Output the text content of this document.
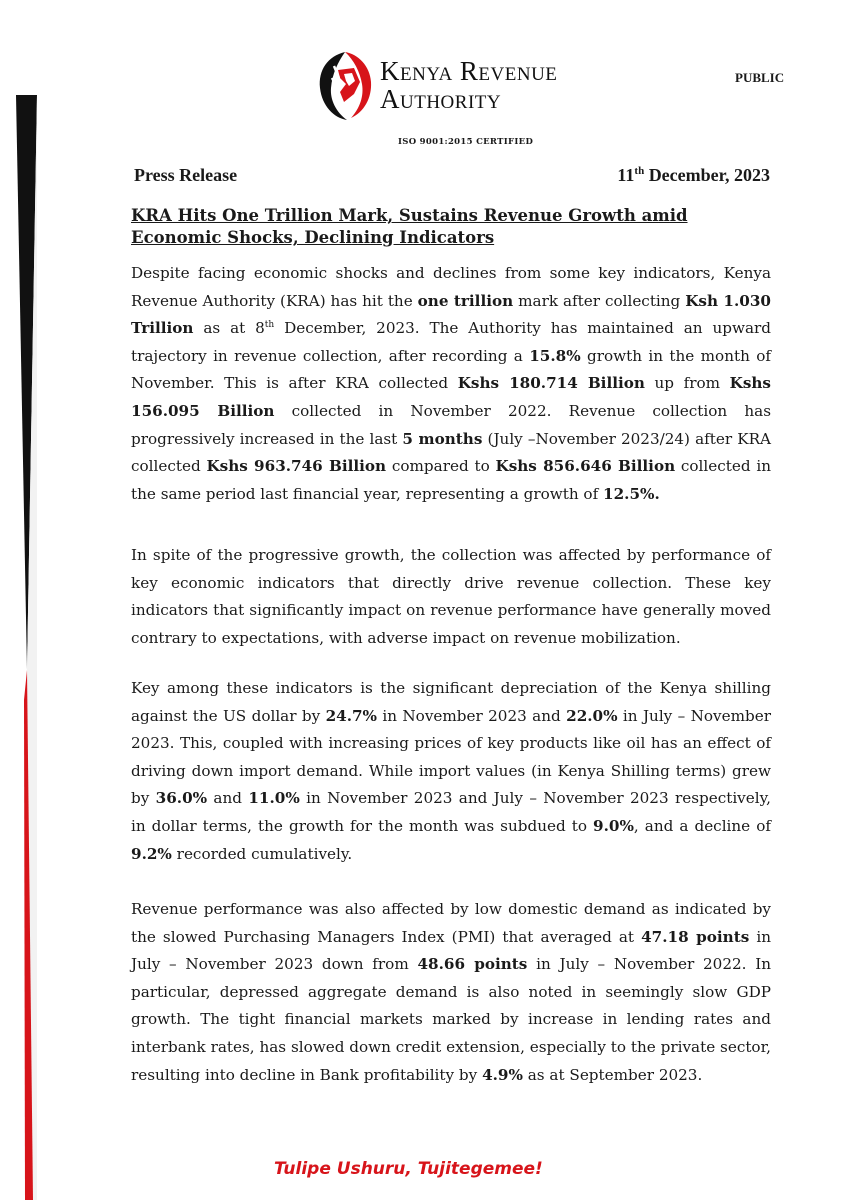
Kenya Revenue
Authority
ISO 9001:2015 CERTIFIED
PUBLIC
Press Release	11th December, 2023
KRA Hits One Trillion Mark, Sustains Revenue Growth amid Economic Shocks, Declining Indicators

Despite facing economic shocks and declines from some key indicators, Kenya Revenue Authority (KRA) has hit the one trillion mark after collecting Ksh 1.030 Trillion as at 8th December, 2023. The Authority has maintained an upward trajectory in revenue collection, after recording a 15.8% growth in the month of November. This is after KRA collected Kshs 180.714 Billion up from Kshs 156.095 Billion collected in November 2022. Revenue collection has progressively increased in the last 5 months (July –November 2023/24) after KRA collected Kshs 963.746 Billion compared to Kshs 856.646 Billion collected in the same period last financial year, representing a growth of 12.5%.

In spite of the progressive growth, the collection was affected by performance of key economic indicators that directly drive revenue collection. These key indicators that significantly impact on revenue performance have generally moved contrary to expectations, with adverse impact on revenue mobilization.

Key among these indicators is the significant depreciation of the Kenya shilling against the US dollar by 24.7% in November 2023 and 22.0% in July – November 2023. This, coupled with increasing prices of key products like oil has an effect of driving down import demand. While import values (in Kenya Shilling terms) grew by 36.0% and 11.0% in November 2023 and July – November 2023 respectively, in dollar terms, the growth for the month was subdued to 9.0%, and a decline of 9.2% recorded cumulatively.

Revenue performance was also affected by low domestic demand as indicated by the slowed Purchasing Managers Index (PMI) that averaged at 47.18 points in July – November 2023 down from 48.66 points in July – November 2022. In particular, depressed aggregate demand is also noted in seemingly slow GDP growth. The tight financial markets marked by increase in lending rates and interbank rates, has slowed down credit extension, especially to the private sector, resulting into decline in Bank profitability by 4.9% as at September 2023.

Tulipe Ushuru, Tujitegemee!
